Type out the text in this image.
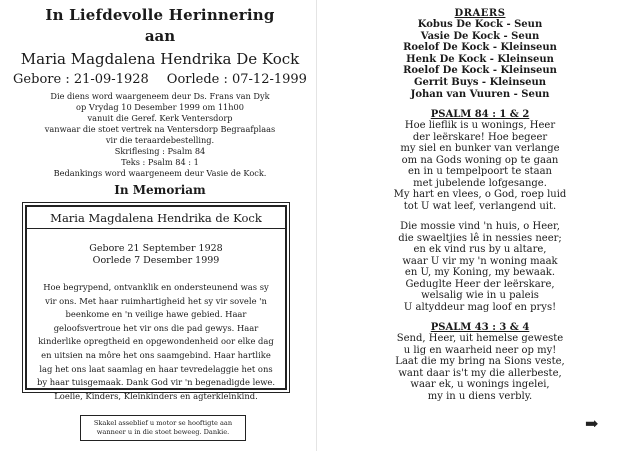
In Liefdevolle Herinnering
aan
Maria Magdalena Hendrika De Kock
Gebore : 21-09-1928 Oorlede : 07-12-1999
Die diens word waargeneem deur Ds. Frans van Dyk
op Vrydag 10 Desember 1999 om 11h00
vanuit die Geref. Kerk Ventersdorp
vanwaar die stoet vertrek na Ventersdorp Begraafplaas
vir die teraardebestelling.
Skriflesing : Psalm 84
Teks : Psalm 84 : 1
Bedankings word waargeneem deur Vasie de Kock.
In Memoriam
Maria Magdalena Hendrika de Kock
Gebore 21 September 1928
Oorlede 7 Desember 1999
Hoe begrypend, ontvanklik en ondersteunend was sy
vir ons. Met haar ruimhartigheid het sy vir sovele 'n
beenkome en 'n veilige hawe gebied. Haar
geloofsvertroue het vir ons die pad gewys. Haar
kinderlike opregtheid en opgewondenheid oor elke dag
en uitsien na môre het ons saamgebind. Haar hartlike
lag het ons laat saamlag en haar tevredelaggie het ons
by haar tuisgemaak. Dank God vir 'n begenadigde lewe.
Loelie, Kinders, Kleinkinders en agterkleinkind.
Skakel asseblief u motor se hooftigte aan
wanneer u in die stoet beweeg. Dankie.
DRAERS
Kobus De Kock - Seun
Vasie De Kock - Seun
Roelof De Kock - Kleinseun
Henk De Kock - Kleinseun
Roelof De Kock - Kleinseun
Gerrit Buys - Kleinseun
Johan van Vuuren - Seun
PSALM 84 : 1 & 2
Hoe lieflik is u wonings, Heer
der leërskare! Hoe begeer
my siel en bunker van verlange
om na Gods woning op te gaan
en in u tempelpoort te staan
met jubelende lofgesange.
My hart en vlees, o God, roep luid
tot U wat leef, verlangend uit.
Die mossie vind 'n huis, o Heer,
die swaeltjies lê in nessies neer;
en ek vind rus by u altare,
waar U vir my 'n woning maak
en U, my Koning, my bewaak.
Geduglte Heer der leërskare,
welsalig wie in u paleis
U altyddeur mag loof en prys!
PSALM 43 : 3 & 4
Send, Heer, uit hemelse geweste
u lig en waarheid neer op my!
Laat die my bring na Sions veste,
want daar is't my die allerbeste,
waar ek, u wonings ingelei,
my in u diens verbly.
➡
